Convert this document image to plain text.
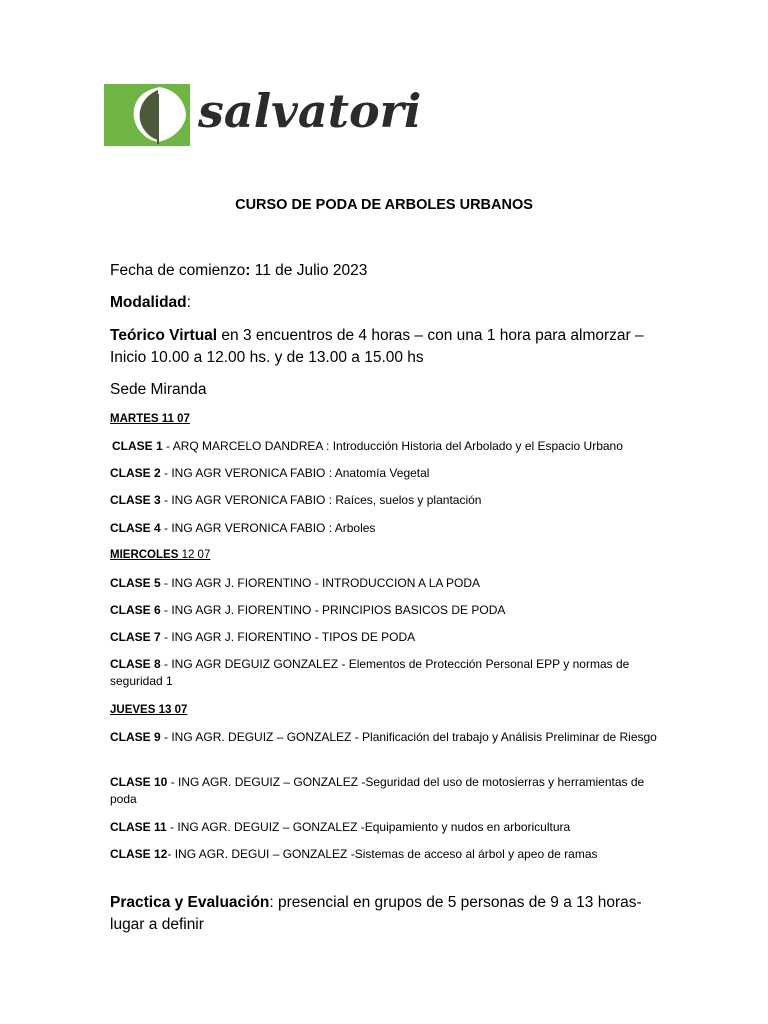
salvatori
CURSO DE PODA DE ARBOLES URBANOS
Fecha de comienzo: 11 de Julio 2023
Modalidad:
Teórico Virtual en 3 encuentros de 4 horas – con una 1 hora para almorzar – Inicio 10.00 a 12.00 hs. y de 13.00 a 15.00 hs
Sede Miranda
MARTES 11 07
CLASE 1 - ARQ MARCELO DANDREA : Introducción Historia del Arbolado y el Espacio Urbano
CLASE 2 - ING AGR VERONICA FABIO : Anatomía Vegetal
CLASE 3 - ING AGR VERONICA FABIO : Raíces, suelos y plantación
CLASE 4 - ING AGR VERONICA FABIO : Arboles
MIERCOLES 12 07
CLASE 5 - ING AGR J. FIORENTINO - INTRODUCCION A LA PODA
CLASE 6 - ING AGR J. FIORENTINO - PRINCIPIOS BASICOS DE PODA
CLASE 7 - ING AGR J. FIORENTINO - TIPOS DE PODA
CLASE 8 - ING AGR DEGUIZ GONZALEZ - Elementos de Protección Personal EPP y normas de seguridad 1
JUEVES 13 07
CLASE 9 - ING AGR. DEGUIZ – GONZALEZ - Planificación del trabajo y Análisis Preliminar de Riesgo
CLASE 10 - ING AGR. DEGUIZ – GONZALEZ -Seguridad del uso de motosierras y herramientas de poda
CLASE 11 - ING AGR. DEGUIZ – GONZALEZ -Equipamiento y nudos en arboricultura
CLASE 12- ING AGR. DEGUI – GONZALEZ -Sistemas de acceso al árbol y apeo de ramas
Practica y Evaluación: presencial en grupos de 5 personas de 9 a 13 horas- lugar a definir
